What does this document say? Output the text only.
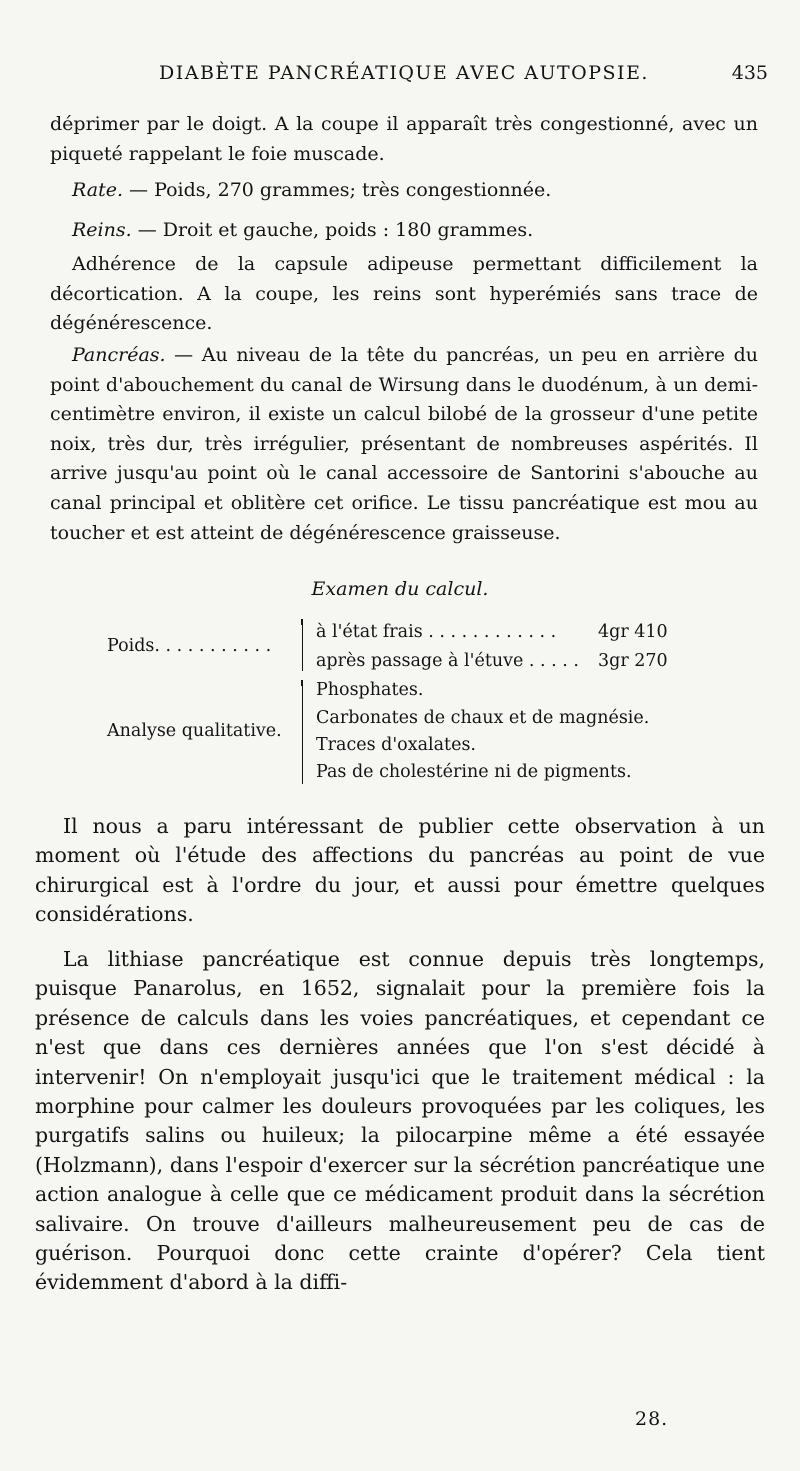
DIABÈTE PANCRÉATIQUE AVEC AUTOPSIE.	435

déprimer par le doigt. A la coupe il apparaît très congestionné, avec un piqueté rappelant le foie muscade.

Rate. — Poids, 270 grammes; très congestionnée.

Reins. — Droit et gauche, poids : 180 grammes.

Adhérence de la capsule adipeuse permettant difficilement la décortication. A la coupe, les reins sont hyperémiés sans trace de dégénérescence.

Pancréas. — Au niveau de la tête du pancréas, un peu en arrière du point d'abouchement du canal de Wirsung dans le duodénum, à un demi-centimètre environ, il existe un calcul bilobé de la grosseur d'une petite noix, très dur, très irrégulier, présentant de nombreuses aspérités. Il arrive jusqu'au point où le canal accessoire de Santorini s'abouche au canal principal et oblitère cet orifice. Le tissu pancréatique est mou au toucher et est atteint de dégénérescence graisseuse.

Examen du calcul.
Poids. . . . . . . . . . .
à l'état frais . . . . . . . . . . . . 4gr 410
après passage à l'étuve . . . . . 3gr 270
Analyse qualitative.
Phosphates.
Carbonates de chaux et de magnésie.
Traces d'oxalates.
Pas de cholestérine ni de pigments.

Il nous a paru intéressant de publier cette observation à un moment où l'étude des affections du pancréas au point de vue chirurgical est à l'ordre du jour, et aussi pour émettre quelques considérations.

La lithiase pancréatique est connue depuis très longtemps, puisque Panarolus, en 1652, signalait pour la première fois la présence de calculs dans les voies pancréatiques, et cependant ce n'est que dans ces dernières années que l'on s'est décidé à intervenir! On n'employait jusqu'ici que le traitement médical : la morphine pour calmer les douleurs provoquées par les coliques, les purgatifs salins ou huileux; la pilocarpine même a été essayée (Holzmann), dans l'espoir d'exercer sur la sécrétion pancréatique une action analogue à celle que ce médicament produit dans la sécrétion salivaire. On trouve d'ailleurs malheureusement peu de cas de guérison. Pourquoi donc cette crainte d'opérer? Cela tient évidemment d'abord à la diffi-

28.
